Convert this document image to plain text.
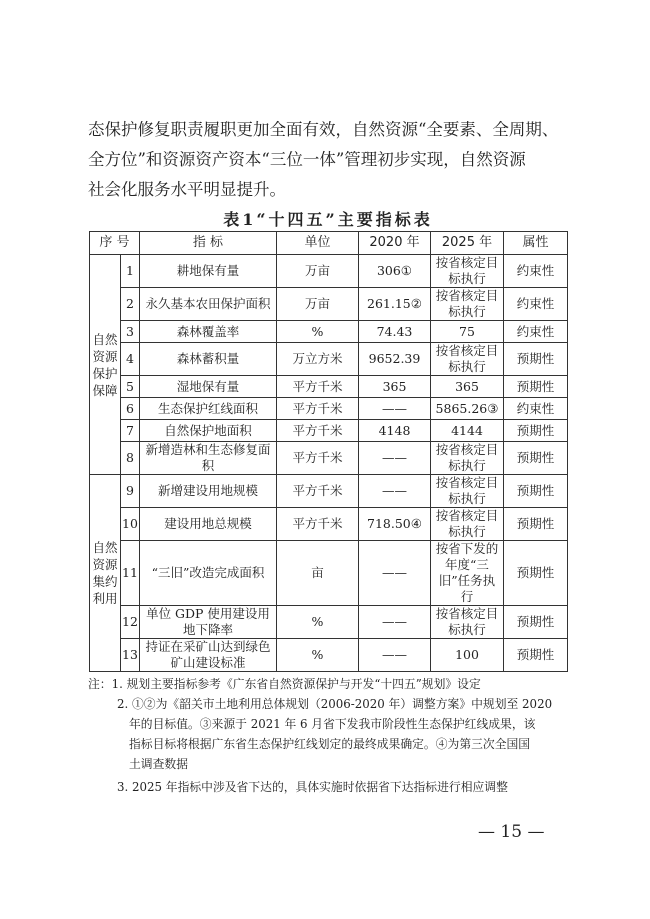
态保护修复职责履职更加全面有效，自然资源“全要素、全周期、
全方位”和资源资产资本“三位一体”管理初步实现，自然资源
社会化服务水平明显提升。
表1“十四五”主要指标表
序 号		指 标	单位	2020 年	2025 年	属性
自然
资源
保护
保障	1	耕地保有量	万亩	306①	按省核定目标执行	约束性
	2	永久基本农田保护面积	万亩	261.15②	按省核定目标执行	约束性
	3	森林覆盖率	%	74.43	75	约束性
	4	森林蓄积量	万立方米	9652.39	按省核定目标执行	预期性
	5	湿地保有量	平方千米	365	365	预期性
	6	生态保护红线面积	平方千米	——	5865.26③	约束性
	7	自然保护地面积	平方千米	4148	4144	预期性
	8	新增造林和生态修复面积	平方千米	——	按省核定目标执行	预期性
自然
资源
集约
利用	9	新增建设用地规模	平方千米	——	按省核定目标执行	预期性
	10	建设用地总规模	平方千米	718.50④	按省核定目标执行	预期性
	11	“三旧”改造完成面积	亩	——	按省下发的年度“三旧”任务执行	预期性
	12	单位 GDP 使用建设用地下降率	%	——	按省核定目标执行	预期性
	13	持证在采矿山达到绿色矿山建设标准	%	——	100	预期性
注：1. 规划主要指标参考《广东省自然资源保护与开发“十四五”规划》设定
2. ①②为《韶关市土地利用总体规划（2006-2020 年）调整方案》中规划至 2020
年的目标值。③来源于 2021 年 6 月省下发我市阶段性生态保护红线成果，该
指标目标将根据广东省生态保护红线划定的最终成果确定。④为第三次全国国
土调查数据
3. 2025 年指标中涉及省下达的，具体实施时依据省下达指标进行相应调整
— 15 —
